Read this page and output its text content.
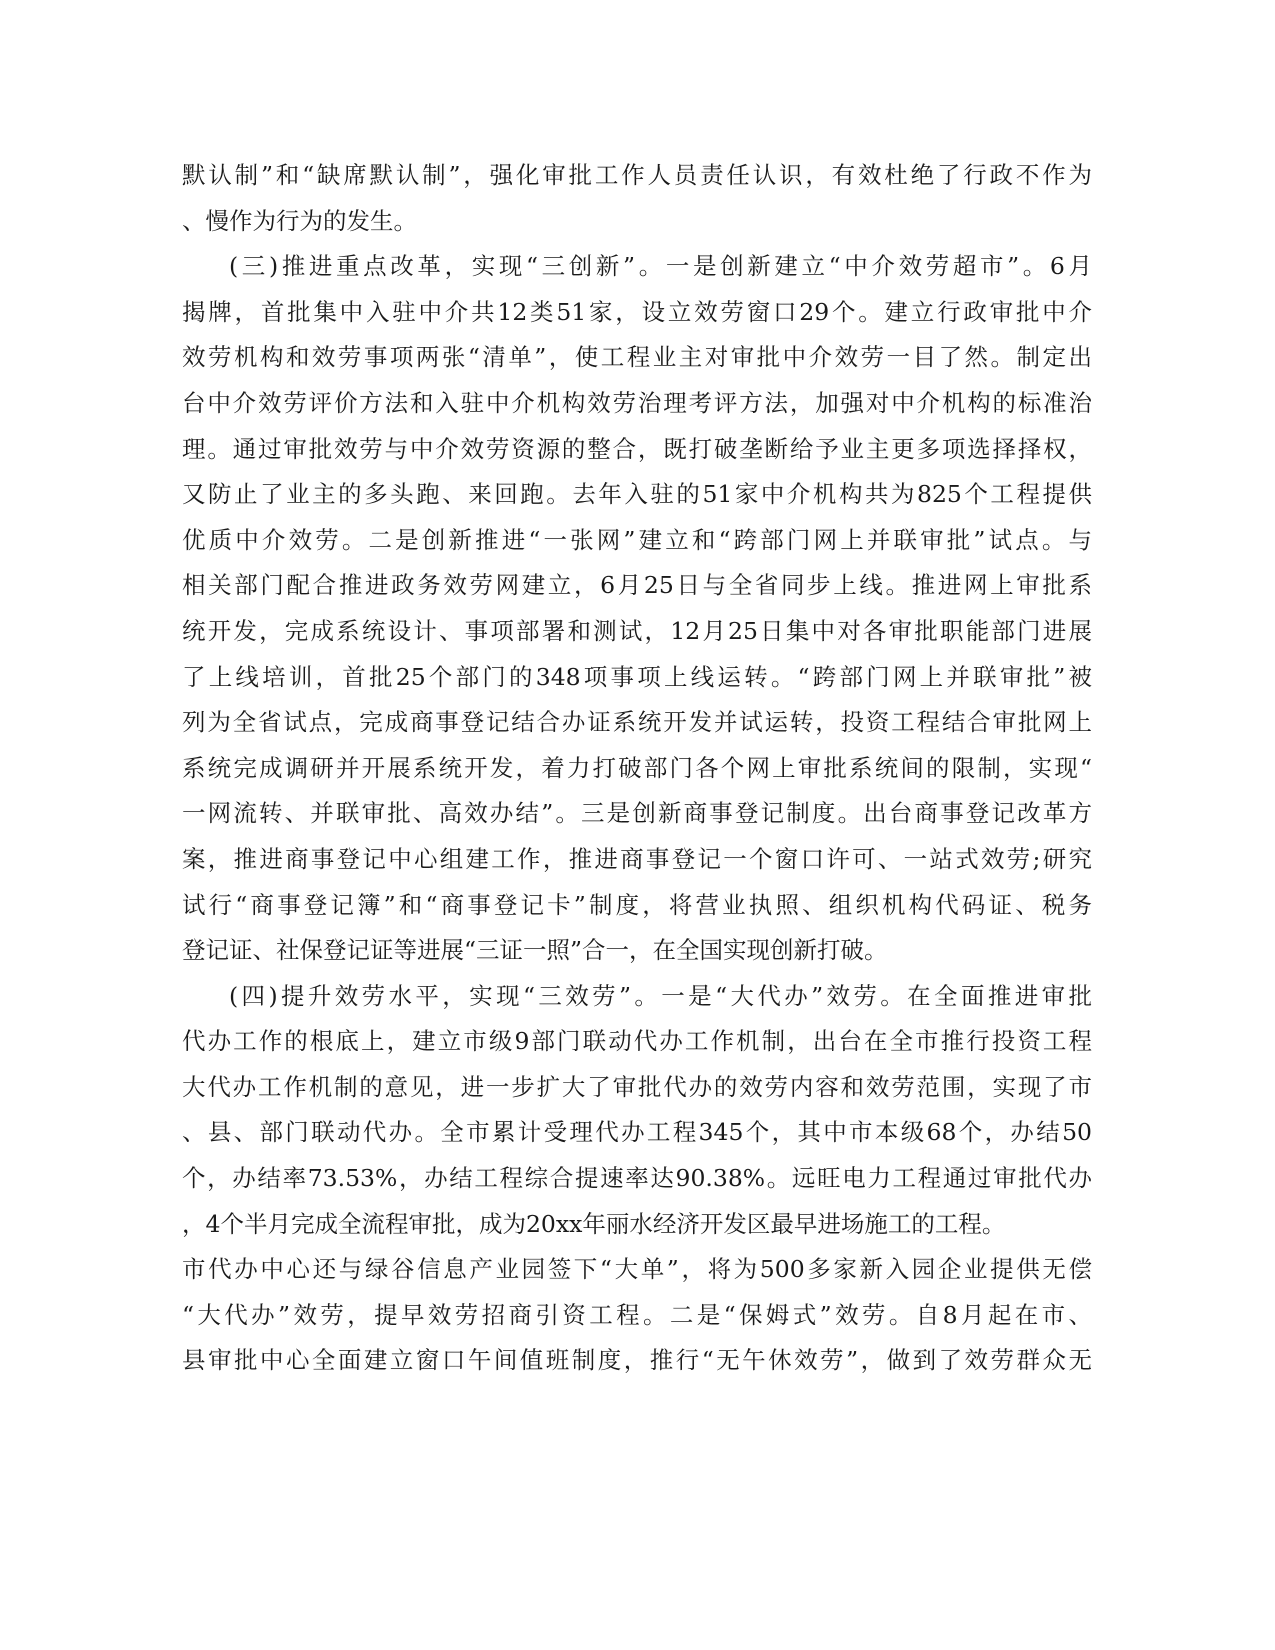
默认制”和“缺席默认制”，强化审批工作人员责任认识，有效杜绝了行政不作为
、慢作为行为的发生。
(三)推进重点改革，实现“三创新”。一是创新建立“中介效劳超市”。6月
揭牌，首批集中入驻中介共12类51家，设立效劳窗口29个。建立行政审批中介
效劳机构和效劳事项两张“清单”，使工程业主对审批中介效劳一目了然。制定出
台中介效劳评价方法和入驻中介机构效劳治理考评方法，加强对中介机构的标准治
理。通过审批效劳与中介效劳资源的整合，既打破垄断给予业主更多项选择择权，
又防止了业主的多头跑、来回跑。去年入驻的51家中介机构共为825个工程提供
优质中介效劳。二是创新推进“一张网”建立和“跨部门网上并联审批”试点。与
相关部门配合推进政务效劳网建立，6月25日与全省同步上线。推进网上审批系
统开发，完成系统设计、事项部署和测试，12月25日集中对各审批职能部门进展
了上线培训，首批25个部门的348项事项上线运转。“跨部门网上并联审批”被
列为全省试点，完成商事登记结合办证系统开发并试运转，投资工程结合审批网上
系统完成调研并开展系统开发，着力打破部门各个网上审批系统间的限制，实现“
一网流转、并联审批、高效办结”。三是创新商事登记制度。出台商事登记改革方
案，推进商事登记中心组建工作，推进商事登记一个窗口许可、一站式效劳;研究
试行“商事登记簿”和“商事登记卡”制度，将营业执照、组织机构代码证、税务
登记证、社保登记证等进展“三证一照”合一，在全国实现创新打破。
(四)提升效劳水平，实现“三效劳”。一是“大代办”效劳。在全面推进审批
代办工作的根底上，建立市级9部门联动代办工作机制，出台在全市推行投资工程
大代办工作机制的意见，进一步扩大了审批代办的效劳内容和效劳范围，实现了市
、县、部门联动代办。全市累计受理代办工程345个，其中市本级68个，办结50
个，办结率73.53%，办结工程综合提速率达90.38%。远旺电力工程通过审批代办
，4个半月完成全流程审批，成为20xx年丽水经济开发区最早进场施工的工程。
市代办中心还与绿谷信息产业园签下“大单”，将为500多家新入园企业提供无偿
“大代办”效劳，提早效劳招商引资工程。二是“保姆式”效劳。自8月起在市、
县审批中心全面建立窗口午间值班制度，推行“无午休效劳”，做到了效劳群众无
